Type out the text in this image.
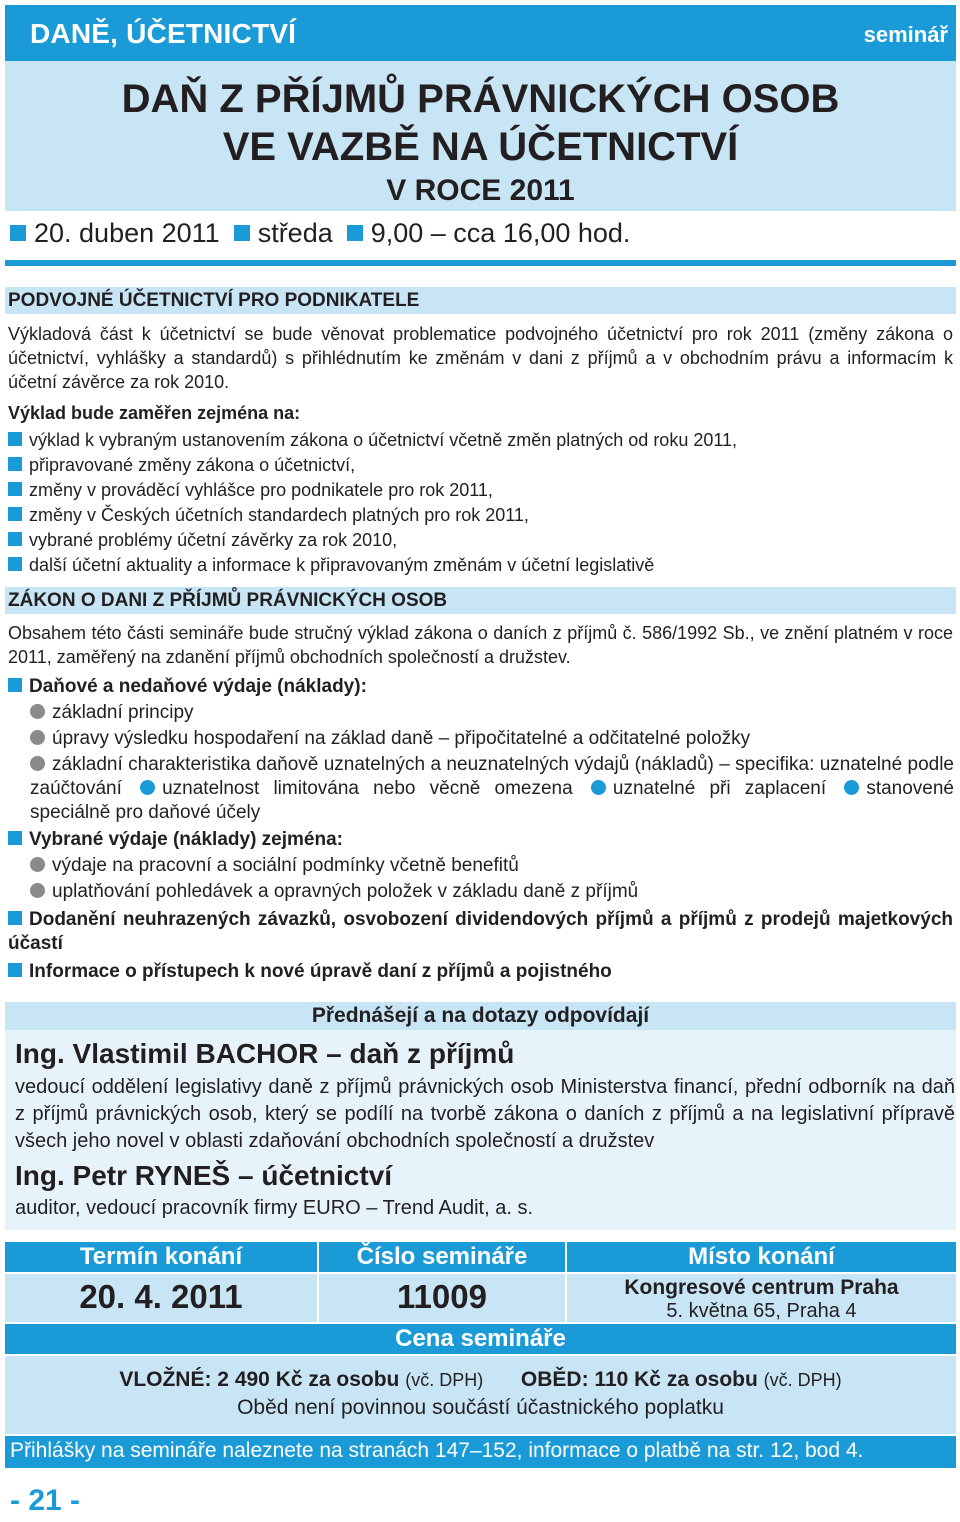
DANĚ, ÚČETNICTVÍ	seminář
DAŇ Z PŘÍJMŮ PRÁVNICKÝCH OSOB
VE VAZBĚ NA ÚČETNICTVÍ
V ROCE 2011
20. duben 2011 středa 9,00 – cca 16,00 hod.
PODVOJNÉ ÚČETNICTVÍ PRO PODNIKATELE
Výkladová část k účetnictví se bude věnovat problematice podvojného účetnictví pro rok 2011 (změny zákona o účetnictví, vyhlášky a standardů) s přihlédnutím ke změnám v dani z příjmů a v obchodním právu a informacím k účetní závěrce za rok 2010.
Výklad bude zaměřen zejména na:
výklad k vybraným ustanovením zákona o účetnictví včetně změn platných od roku 2011,
připravované změny zákona o účetnictví,
změny v prováděcí vyhlášce pro podnikatele pro rok 2011,
změny v Českých účetních standardech platných pro rok 2011,
vybrané problémy účetní závěrky za rok 2010,
další účetní aktuality a informace k připravovaným změnám v účetní legislativě
ZÁKON O DANI Z PŘÍJMŮ PRÁVNICKÝCH OSOB
Obsahem této části semináře bude stručný výklad zákona o daních z příjmů č. 586/1992 Sb., ve znění platném v roce 2011, zaměřený na zdanění příjmů obchodních společností a družstev.
Daňové a nedaňové výdaje (náklady):
základní principy
úpravy výsledku hospodaření na základ daně – připočitatelné a odčitatelné položky
základní charakteristika daňově uznatelných a neuznatelných výdajů (nákladů) – specifika: uznatelné podle zaúčtování uznatelnost limitována nebo věcně omezena uznatelné při zaplacení stanovené speciálně pro daňové účely
Vybrané výdaje (náklady) zejména:
výdaje na pracovní a sociální podmínky včetně benefitů
uplatňování pohledávek a opravných položek v základu daně z příjmů
Dodanění neuhrazených závazků, osvobození dividendových příjmů a příjmů z prodejů majetkových účastí
Informace o přístupech k nové úpravě daní z příjmů a pojistného
Přednášejí a na dotazy odpovídají
Ing. Vlastimil BACHOR – daň z příjmů
vedoucí oddělení legislativy daně z příjmů právnických osob Ministerstva financí, přední odborník na daň z příjmů právnických osob, který se podílí na tvorbě zákona o daních z příjmů a na legislativní přípravě všech jeho novel v oblasti zdaňování obchodních společností a družstev
Ing. Petr RYNEŠ – účetnictví
auditor, vedoucí pracovník firmy EURO – Trend Audit, a. s.
Termín konání	Číslo semináře	Místo konání
20. 4. 2011	11009	Kongresové centrum Praha
5. května 65, Praha 4
Cena semináře
VLOŽNÉ: 2 490 Kč za osobu (vč. DPH) OBĚD: 110 Kč za osobu (vč. DPH)
Oběd není povinnou součástí účastnického poplatku
Přihlášky na semináře naleznete na stranách 147–152, informace o platbě na str. 12, bod 4.
- 21 -
